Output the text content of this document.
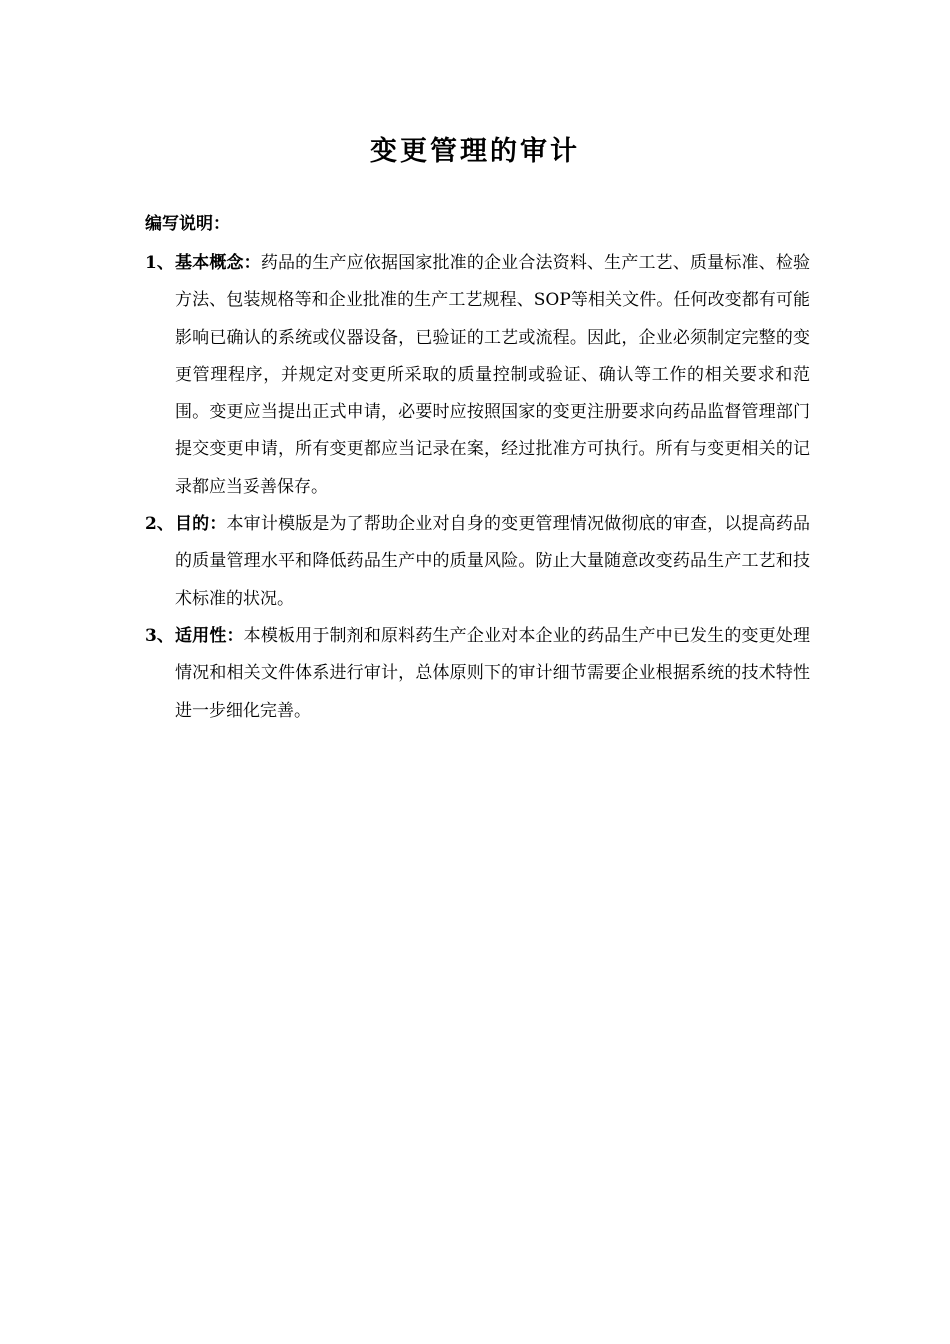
变更管理的审计

编写说明：

1、 基本概念：药品的生产应依据国家批准的企业合法资料、生产工艺、质量标准、检验方法、包装规格等和企业批准的生产工艺规程、SOP等相关文件。任何改变都有可能影响已确认的系统或仪器设备，已验证的工艺或流程。因此，企业必须制定完整的变更管理程序，并规定对变更所采取的质量控制或验证、确认等工作的相关要求和范围。变更应当提出正式申请，必要时应按照国家的变更注册要求向药品监督管理部门提交变更申请，所有变更都应当记录在案，经过批准方可执行。所有与变更相关的记录都应当妥善保存。
2、 目的：本审计模版是为了帮助企业对自身的变更管理情况做彻底的审查，以提高药品的质量管理水平和降低药品生产中的质量风险。防止大量随意改变药品生产工艺和技术标准的状况。
3、 适用性：本模板用于制剂和原料药生产企业对本企业的药品生产中已发生的变更处理情况和相关文件体系进行审计，总体原则下的审计细节需要企业根据系统的技术特性进一步细化完善。
